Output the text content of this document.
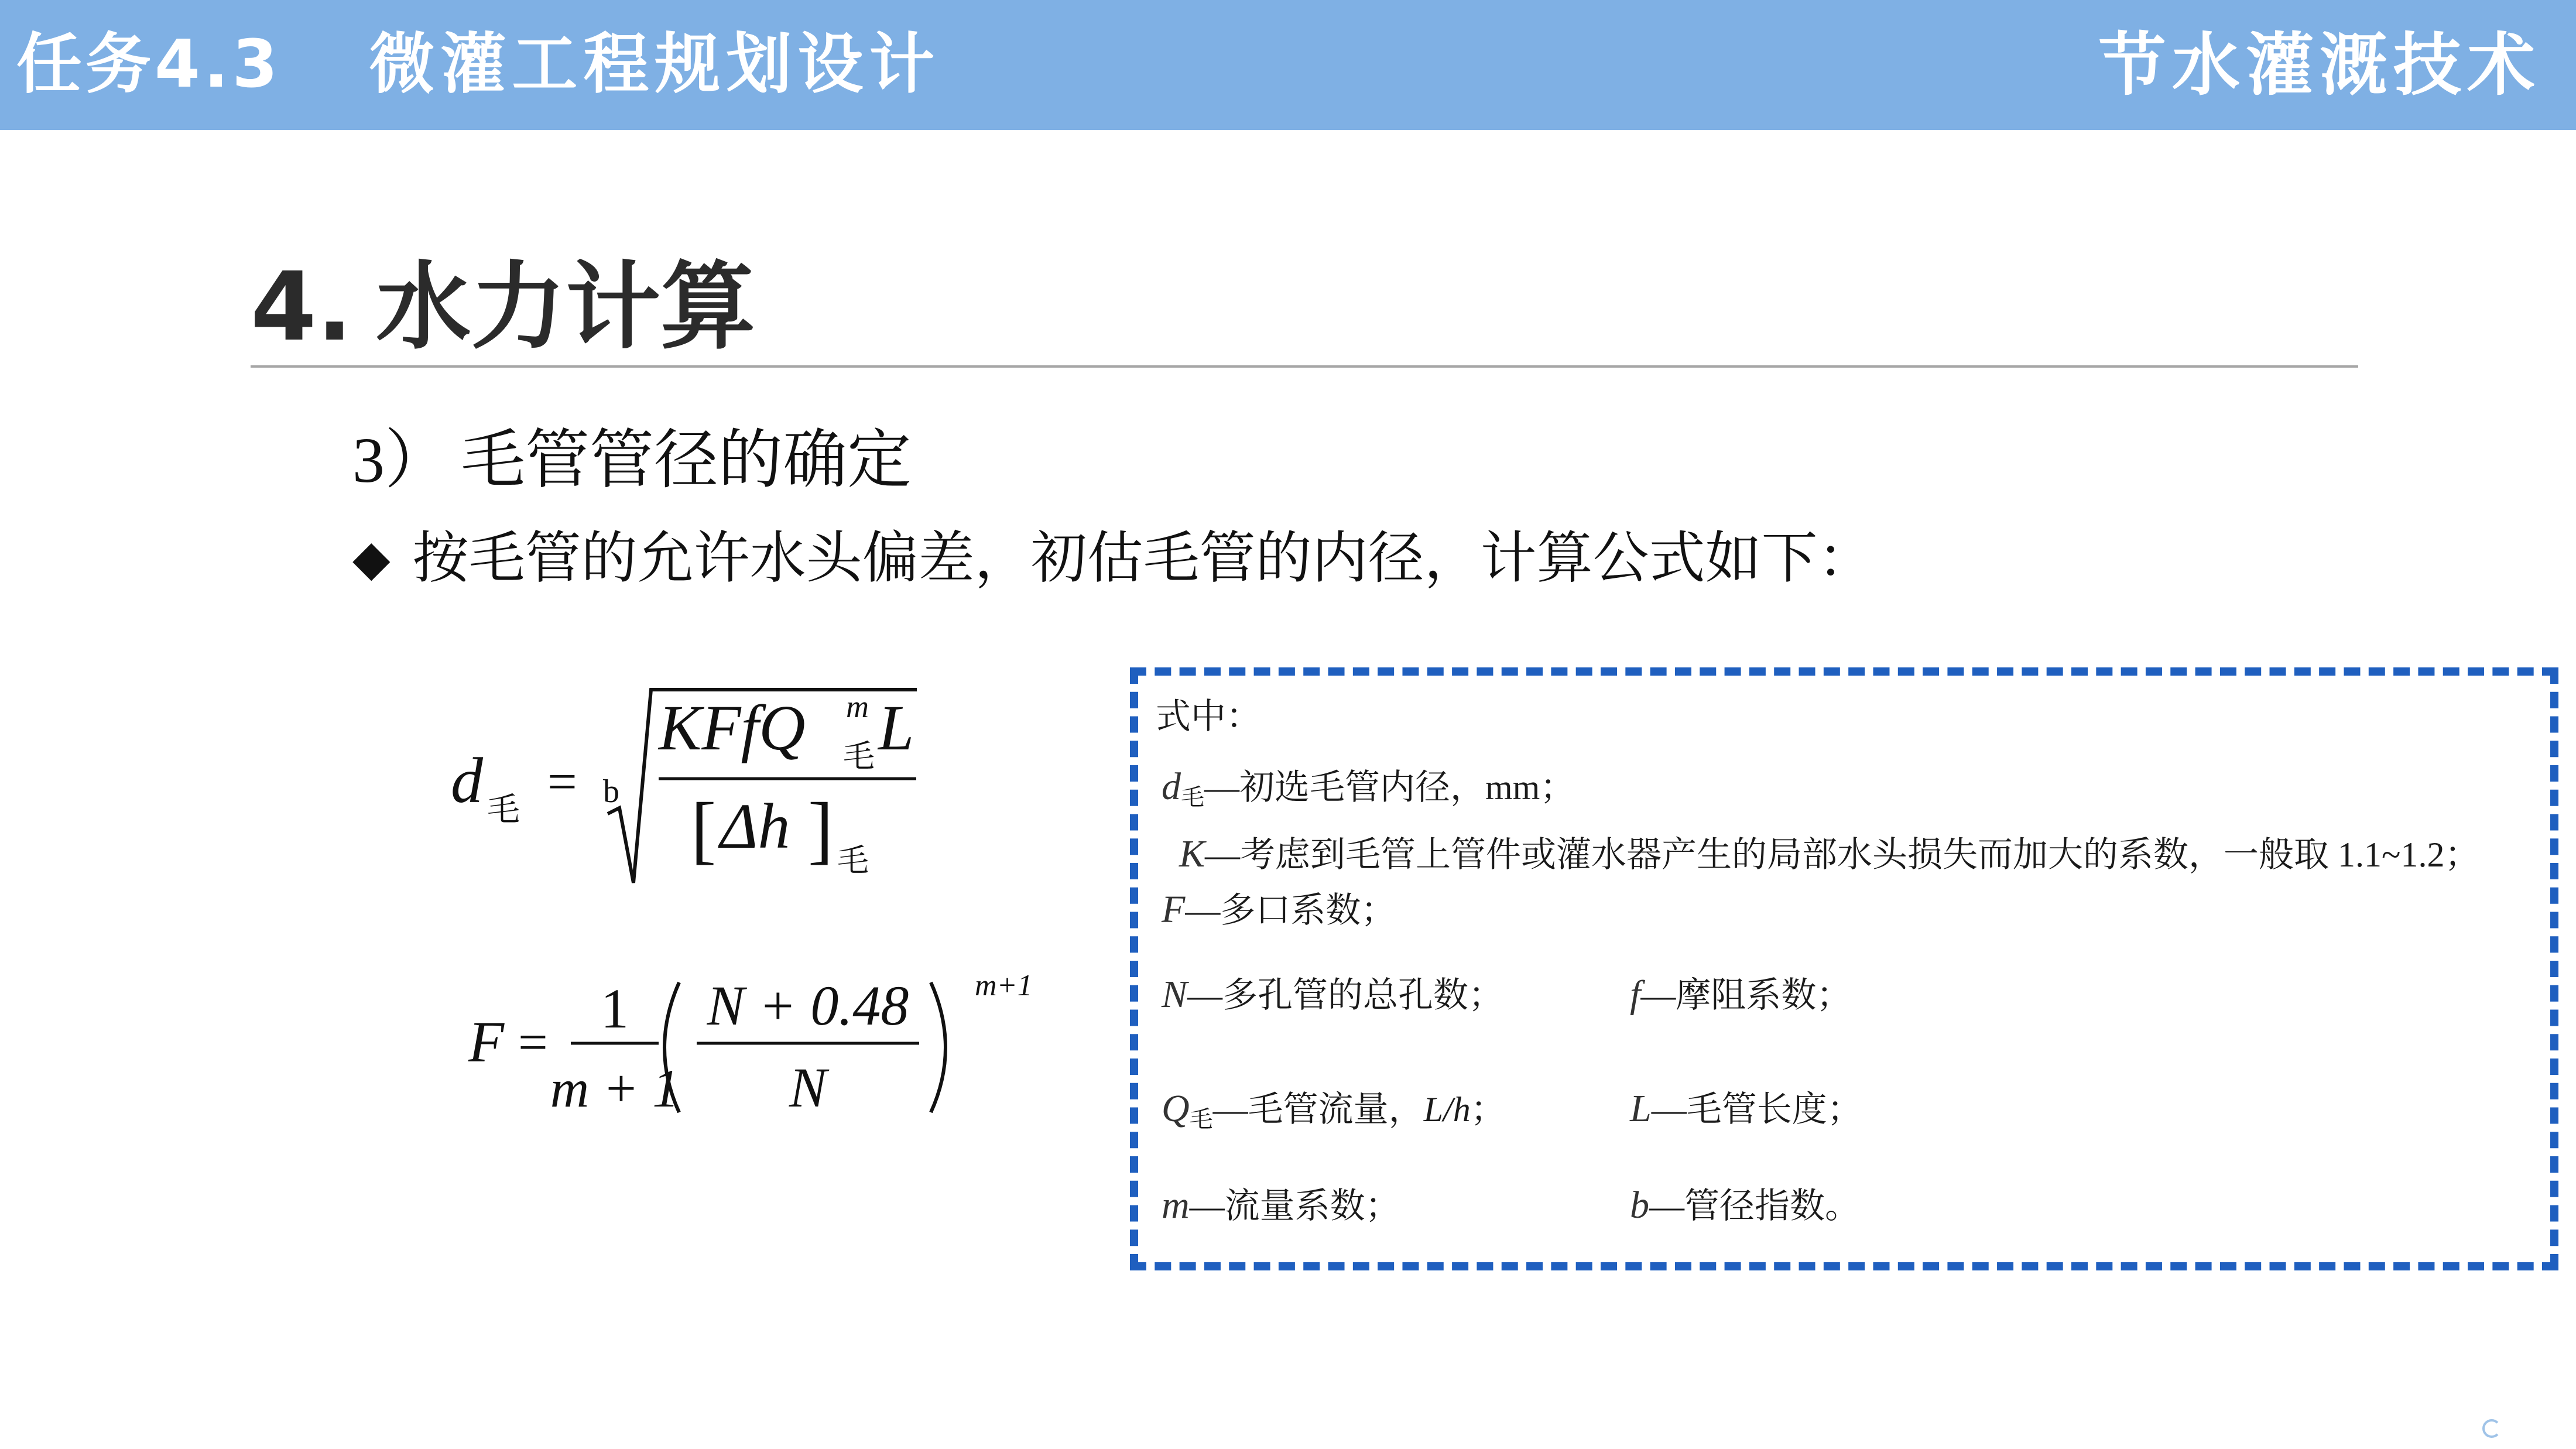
任务4.3 微灌工程规划设计	节水灌溉技术
4. 水力计算
3） 毛管管径的确定
◆ 按毛管的允许水头偏差，初估毛管的内径，计算公式如下：
d 毛 = b
KFfQ m
毛 L
[ Δh ] 毛
F =
1
m + 1
N + 0.48
N
m+1
式中：
$d_毛—$初选毛管内径，mm；
K—考虑到毛管上管件或灌水器产生的局部水头损失而加大的系数，一般取 1.1~1.2；
F—多口系数；
N—多孔管的总孔数；	f—摩阻系数；
$Q_毛—$毛管流量，L/h；	L—毛管长度；
m—流量系数；	b—管径指数。
